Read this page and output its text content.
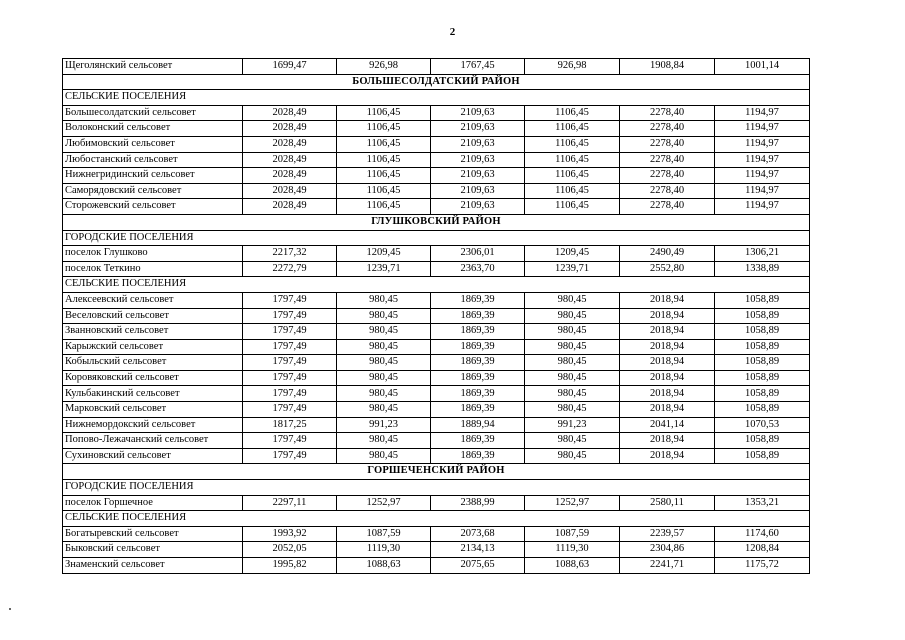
2
Щеголянский сельсовет	1699,47	926,98	1767,45	926,98	1908,84	1001,14
БОЛЬШЕСОЛДАТСКИЙ РАЙОН						
СЕЛЬСКИЕ ПОСЕЛЕНИЯ						
Большесолдатский сельсовет	2028,49	1106,45	2109,63	1106,45	2278,40	1194,97
Волоконский сельсовет	2028,49	1106,45	2109,63	1106,45	2278,40	1194,97
Любимовский сельсовет	2028,49	1106,45	2109,63	1106,45	2278,40	1194,97
Любостанский сельсовет	2028,49	1106,45	2109,63	1106,45	2278,40	1194,97
Нижнегридинский сельсовет	2028,49	1106,45	2109,63	1106,45	2278,40	1194,97
Саморядовский сельсовет	2028,49	1106,45	2109,63	1106,45	2278,40	1194,97
Сторожевский сельсовет	2028,49	1106,45	2109,63	1106,45	2278,40	1194,97
ГЛУШКОВСКИЙ РАЙОН						
ГОРОДСКИЕ ПОСЕЛЕНИЯ						
поселок Глушково	2217,32	1209,45	2306,01	1209,45	2490,49	1306,21
поселок Теткино	2272,79	1239,71	2363,70	1239,71	2552,80	1338,89
СЕЛЬСКИЕ ПОСЕЛЕНИЯ						
Алексеевский сельсовет	1797,49	980,45	1869,39	980,45	2018,94	1058,89
Веселовский сельсовет	1797,49	980,45	1869,39	980,45	2018,94	1058,89
Званновский сельсовет	1797,49	980,45	1869,39	980,45	2018,94	1058,89
Карыжский сельсовет	1797,49	980,45	1869,39	980,45	2018,94	1058,89
Кобыльский сельсовет	1797,49	980,45	1869,39	980,45	2018,94	1058,89
Коровяковский сельсовет	1797,49	980,45	1869,39	980,45	2018,94	1058,89
Кульбакинский сельсовет	1797,49	980,45	1869,39	980,45	2018,94	1058,89
Марковский сельсовет	1797,49	980,45	1869,39	980,45	2018,94	1058,89
Нижнемордокский сельсовет	1817,25	991,23	1889,94	991,23	2041,14	1070,53
Попово-Лежачанский сельсовет	1797,49	980,45	1869,39	980,45	2018,94	1058,89
Сухиновский сельсовет	1797,49	980,45	1869,39	980,45	2018,94	1058,89
ГОРШЕЧЕНСКИЙ РАЙОН						
ГОРОДСКИЕ ПОСЕЛЕНИЯ						
поселок Горшечное	2297,11	1252,97	2388,99	1252,97	2580,11	1353,21
СЕЛЬСКИЕ ПОСЕЛЕНИЯ						
Богатыревский сельсовет	1993,92	1087,59	2073,68	1087,59	2239,57	1174,60
Быковский сельсовет	2052,05	1119,30	2134,13	1119,30	2304,86	1208,84
Знаменский сельсовет	1995,82	1088,63	2075,65	1088,63	2241,71	1175,72
